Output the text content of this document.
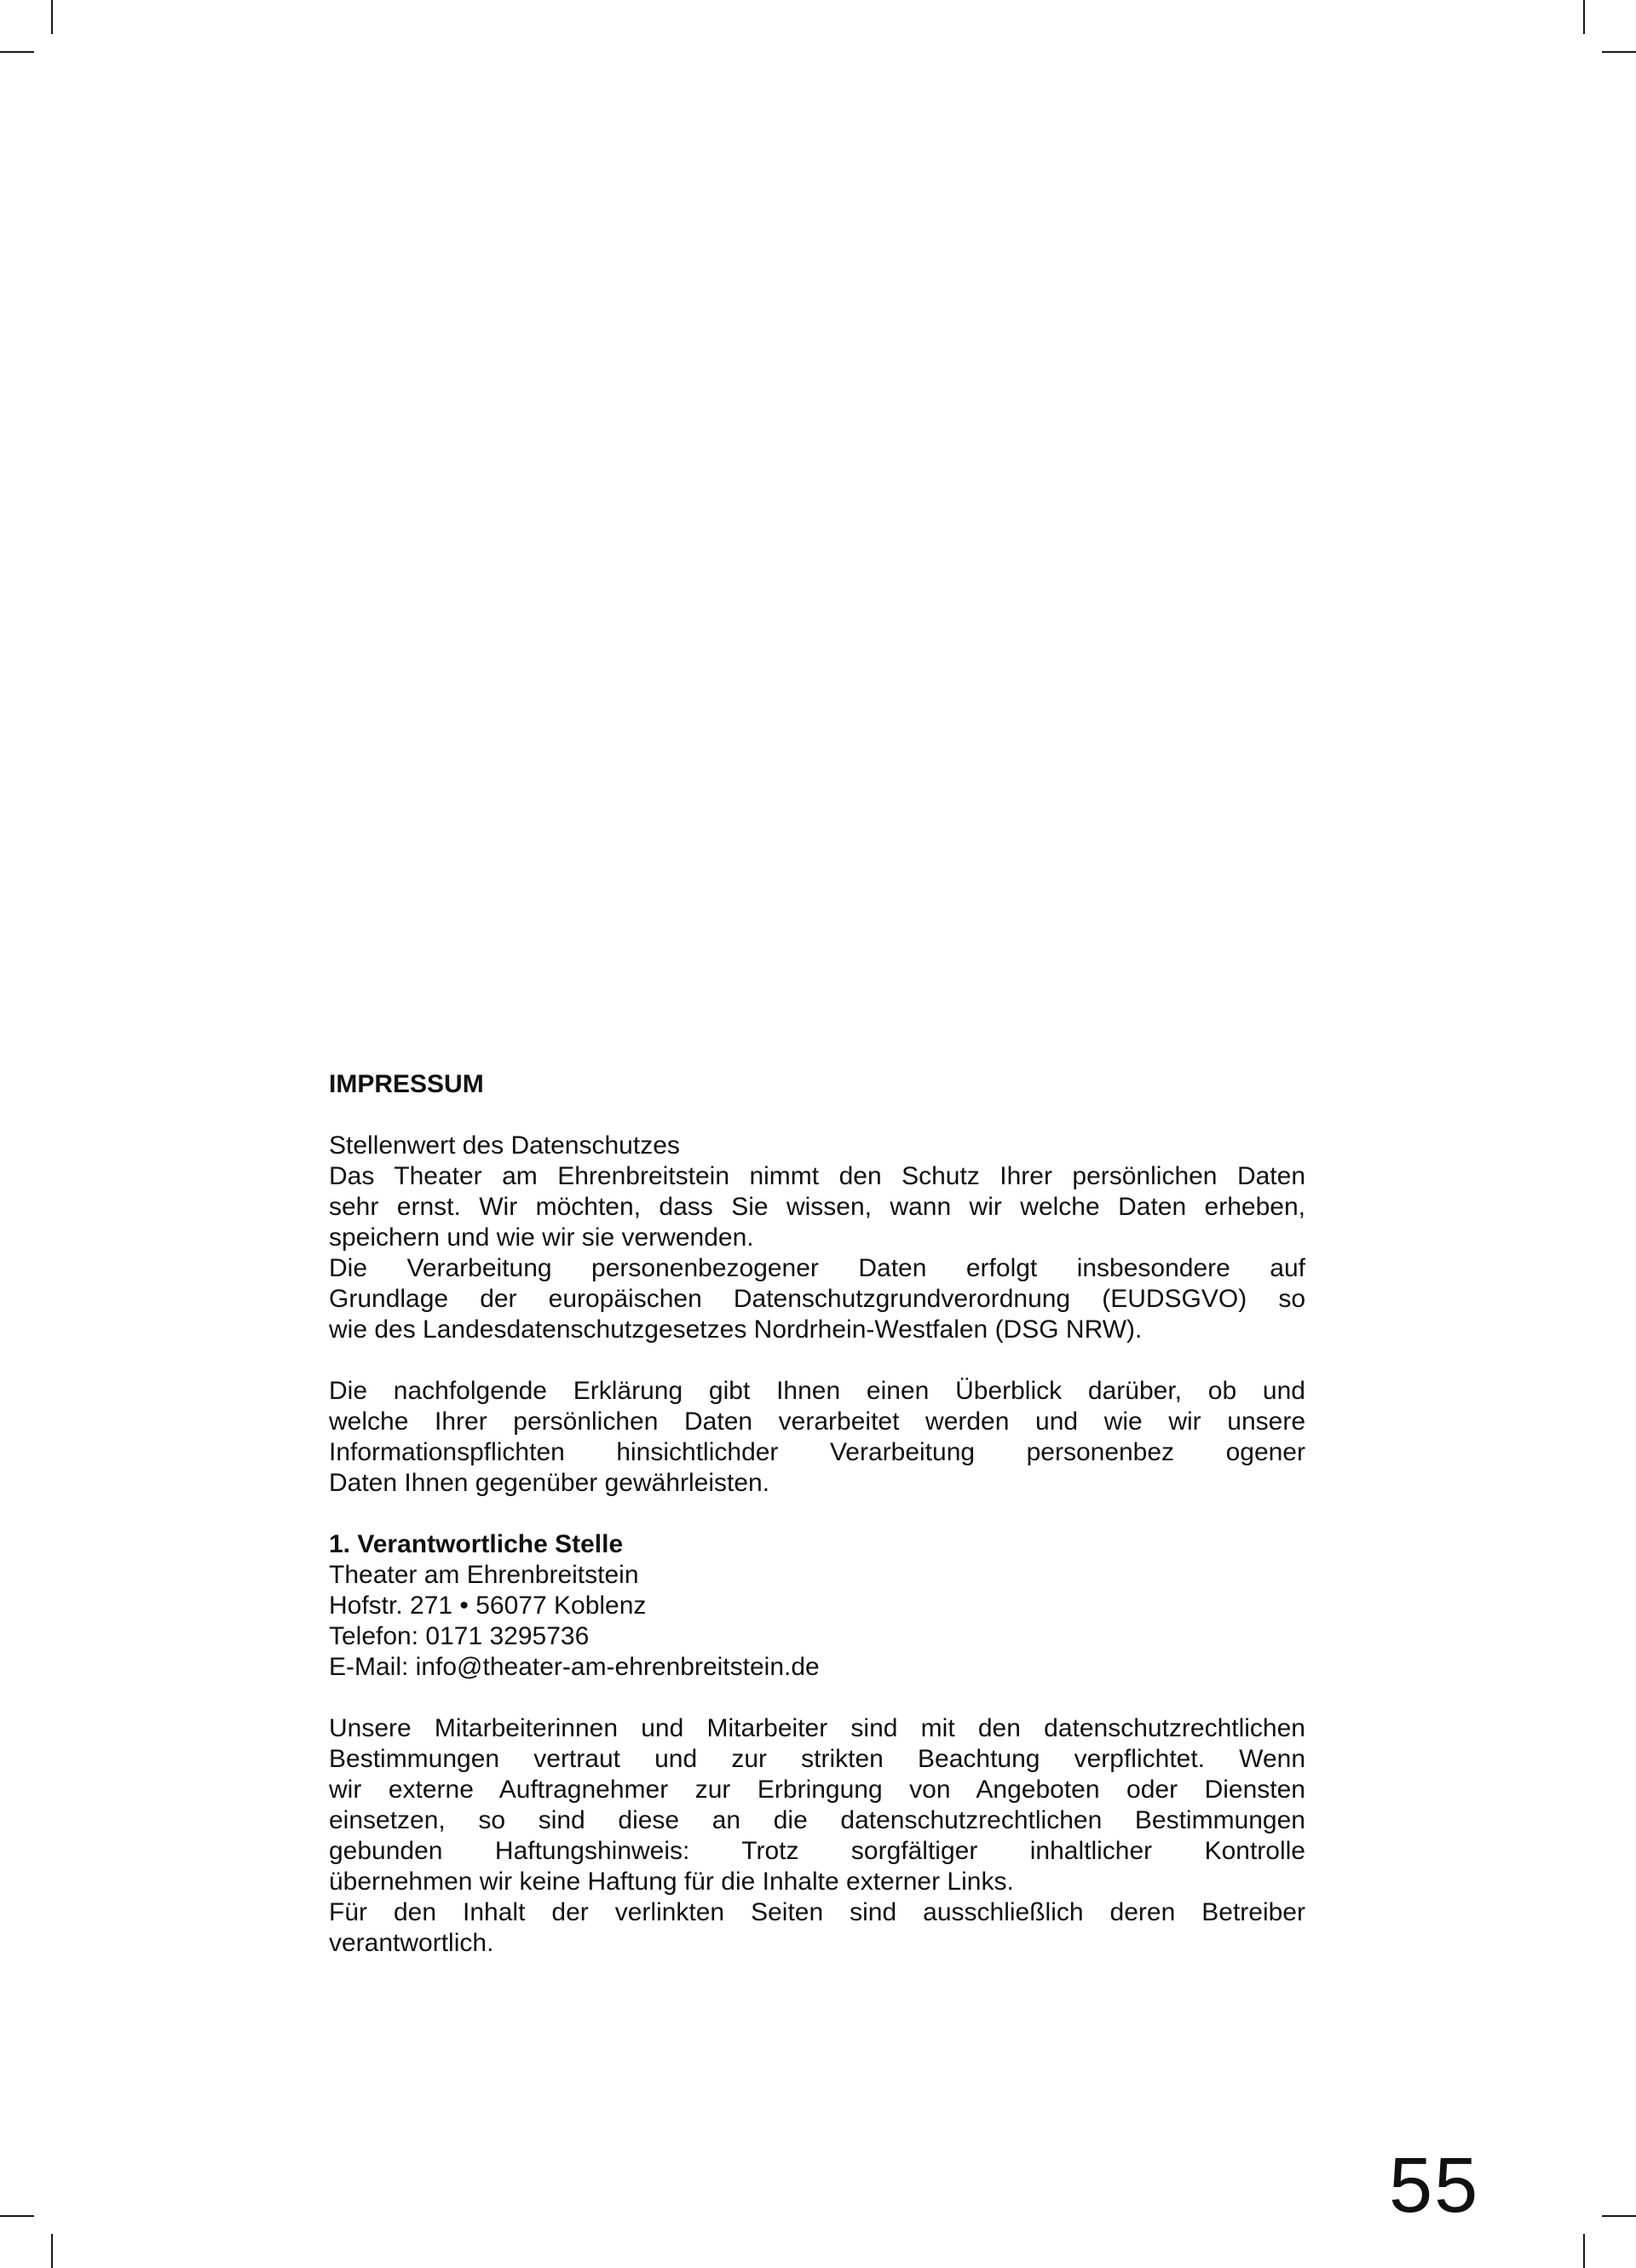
IMPRESSUM
Stellenwert des Datenschutzes
Das Theater am Ehrenbreitstein nimmt den Schutz Ihrer persönlichen Daten
sehr ernst. Wir möchten, dass Sie wissen, wann wir welche Daten erheben,
speichern und wie wir sie verwenden.
Die Verarbeitung personenbezogener Daten erfolgt insbesondere auf
Grundlage der europäischen Datenschutzgrundverordnung (EUDSGVO) so
wie des Landesdatenschutzgesetzes Nordrhein-Westfalen (DSG NRW).
Die nachfolgende Erklärung gibt Ihnen einen Überblick darüber, ob und
welche Ihrer persönlichen Daten verarbeitet werden und wie wir unsere
Informationspflichten hinsichtlichder Verarbeitung personenbez ogener
Daten Ihnen gegenüber gewährleisten.
1. Verantwortliche Stelle
Theater am Ehrenbreitstein
Hofstr. 271 • 56077 Koblenz
Telefon: 0171 3295736
E-Mail: info@theater-am-ehrenbreitstein.de
Unsere Mitarbeiterinnen und Mitarbeiter sind mit den datenschutzrechtlichen
Bestimmungen vertraut und zur strikten Beachtung verpflichtet. Wenn
wir externe Auftragnehmer zur Erbringung von Angeboten oder Diensten
einsetzen, so sind diese an die datenschutzrechtlichen Bestimmungen
gebunden Haftungshinweis: Trotz sorgfältiger inhaltlicher Kontrolle
übernehmen wir keine Haftung für die Inhalte externer Links.
Für den Inhalt der verlinkten Seiten sind ausschließlich deren Betreiber
verantwortlich.
55
